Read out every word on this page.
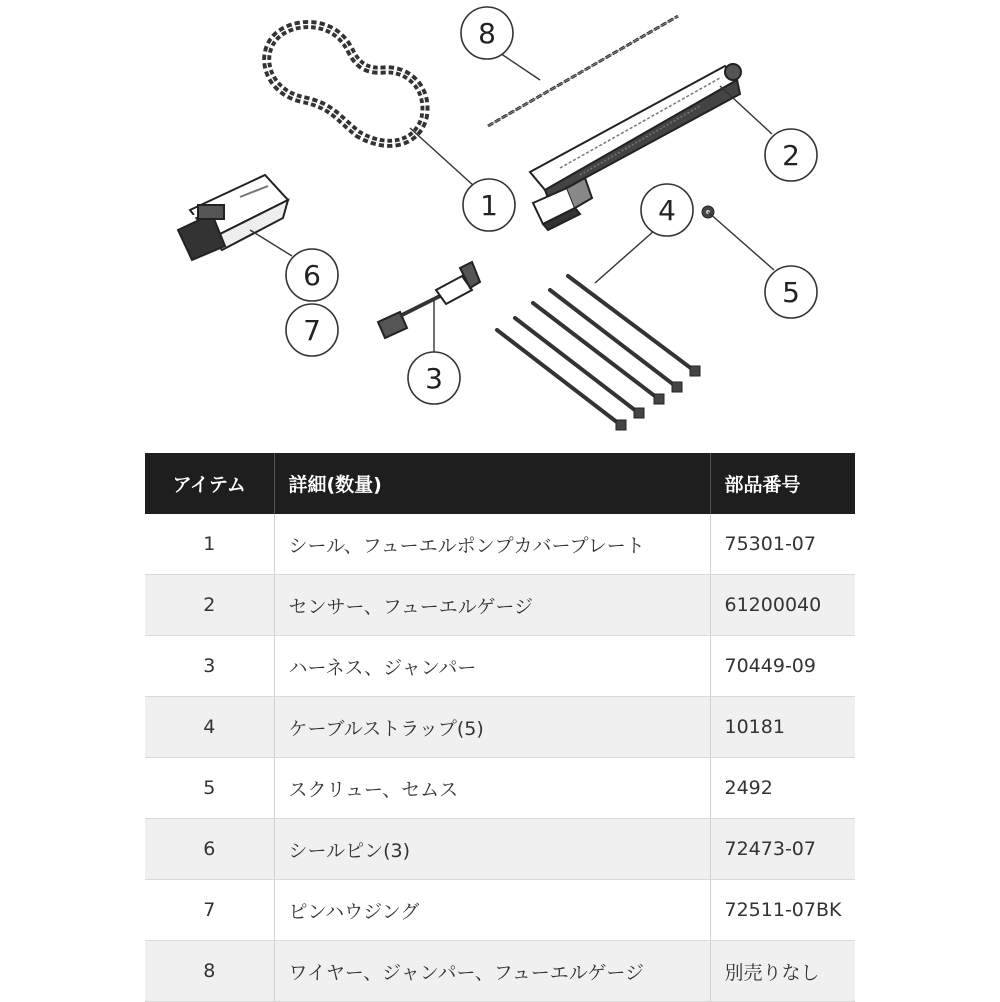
1
2
3
4
5
6
7
8
アイテム	詳細(数量)	部品番号
1	シール、フューエルポンプカバープレート	75301-07
2	センサー、フューエルゲージ	61200040
3	ハーネス、ジャンパー	70449-09
4	ケーブルストラップ(5)	10181
5	スクリュー、セムス	2492
6	シールピン(3)	72473-07
7	ピンハウジング	72511-07BK
8	ワイヤー、ジャンパー、フューエルゲージ	別売りなし
